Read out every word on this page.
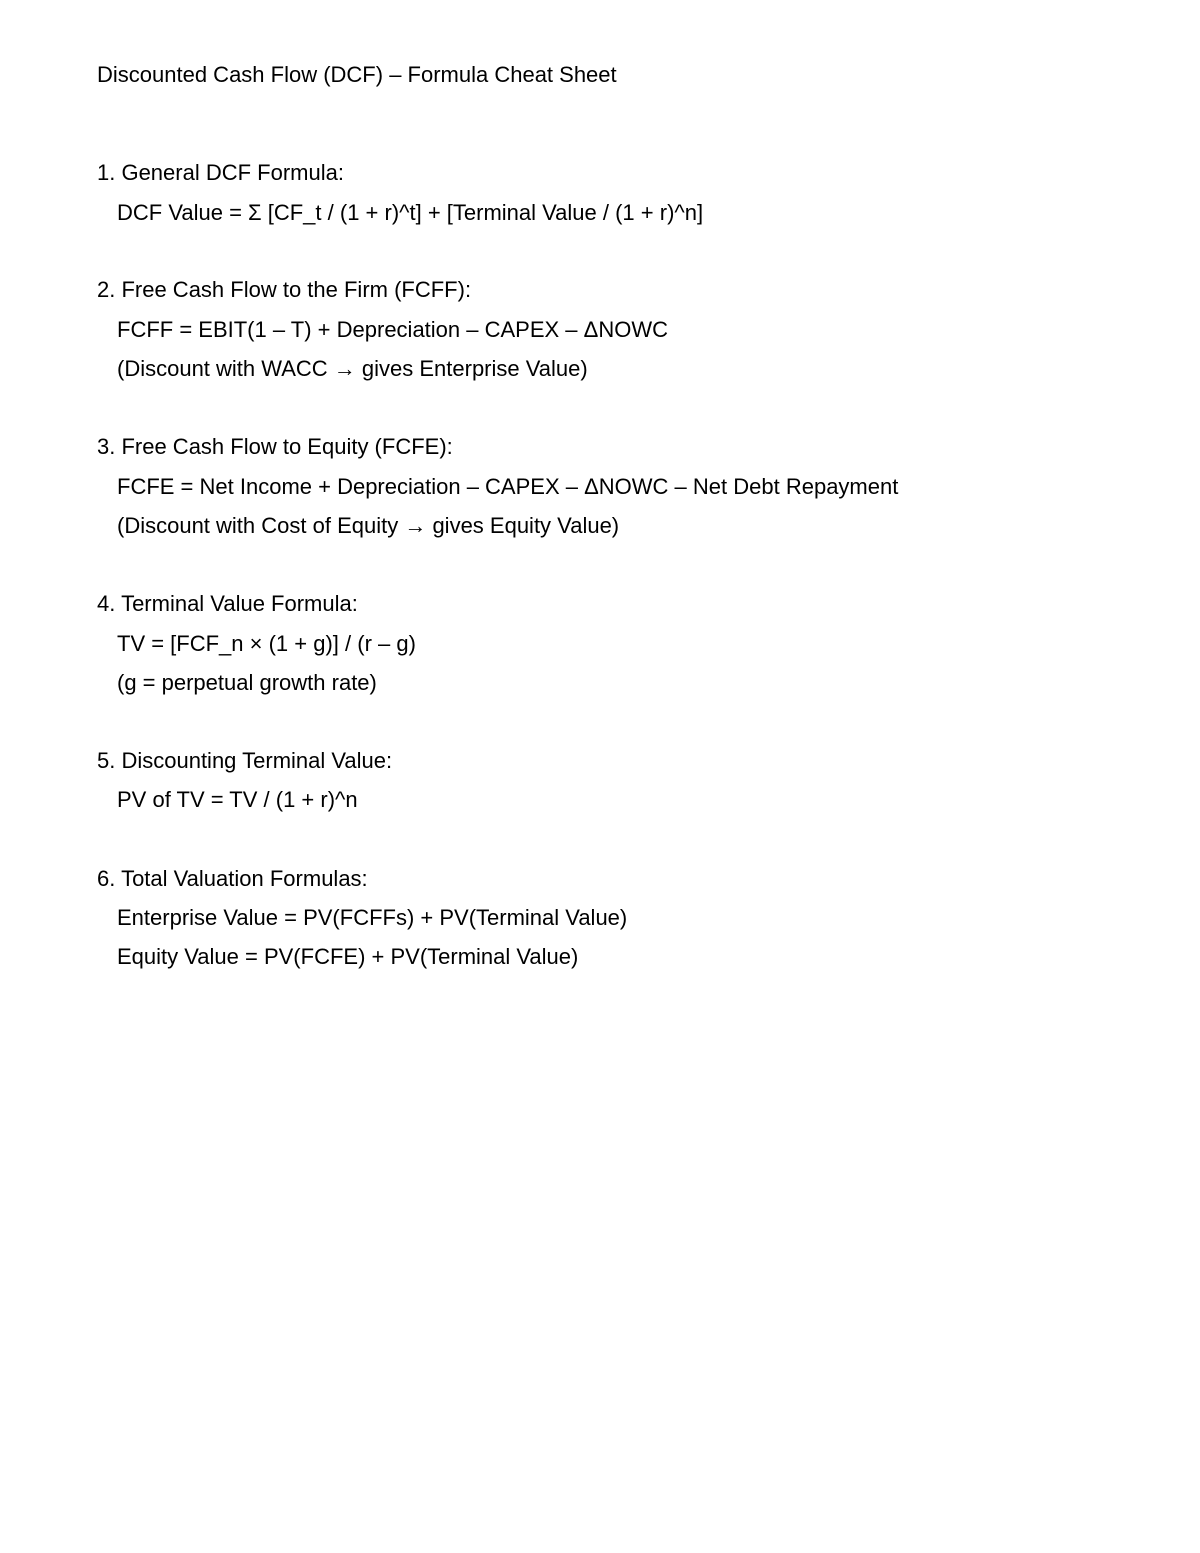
Discounted Cash Flow (DCF) – Formula Cheat Sheet
1. General DCF Formula:
DCF Value = Σ [CF_t / (1 + r)^t] + [Terminal Value / (1 + r)^n]
2. Free Cash Flow to the Firm (FCFF):
FCFF = EBIT(1 – T) + Depreciation – CAPEX – ΔNOWC
(Discount with WACC → gives Enterprise Value)
3. Free Cash Flow to Equity (FCFE):
FCFE = Net Income + Depreciation – CAPEX – ΔNOWC – Net Debt Repayment
(Discount with Cost of Equity → gives Equity Value)
4. Terminal Value Formula:
TV = [FCF_n × (1 + g)] / (r – g)
(g = perpetual growth rate)
5. Discounting Terminal Value:
PV of TV = TV / (1 + r)^n
6. Total Valuation Formulas:
Enterprise Value = PV(FCFFs) + PV(Terminal Value)
Equity Value = PV(FCFE) + PV(Terminal Value)
